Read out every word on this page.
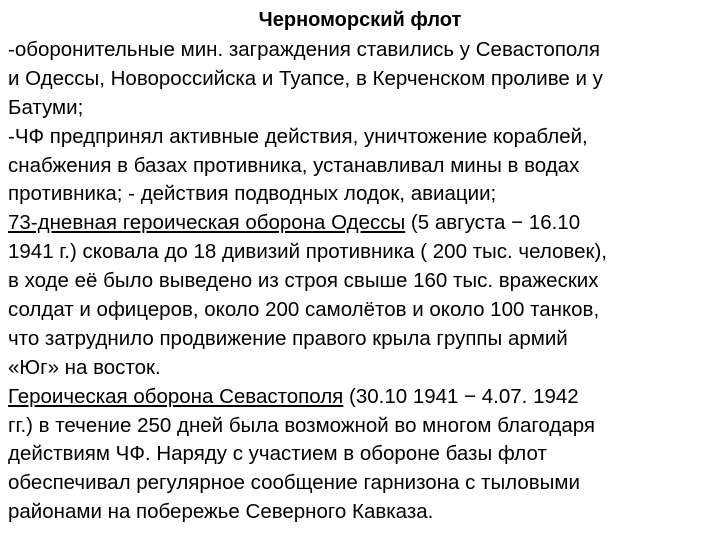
Черноморский флот
-оборонительные мин. заграждения ставились у Севастополя
и Одессы, Новороссийска и Туапсе, в Керченском проливе и у
Батуми;
-ЧФ предпринял активные действия, уничтожение кораблей,
снабжения в базах противника, устанавливал мины в водах
противника; - действия подводных лодок, авиации;
73-дневная героическая оборона Одессы (5 августа − 16.10
1941 г.) сковала до 18 дивизий противника ( 200 тыс. человек),
в ходе её было выведено из строя свыше 160 тыс. вражеских
солдат и офицеров, около 200 самолётов и около 100 танков,
что затруднило продвижение правого крыла группы армий
«Юг» на восток.
Героическая оборона Севастополя (30.10 1941 − 4.07. 1942
гг.) в течение 250 дней была возможной во многом благодаря
действиям ЧФ. Наряду с участием в обороне базы флот
обеспечивал регулярное сообщение гарнизона с тыловыми
районами на побережье Северного Кавказа.
